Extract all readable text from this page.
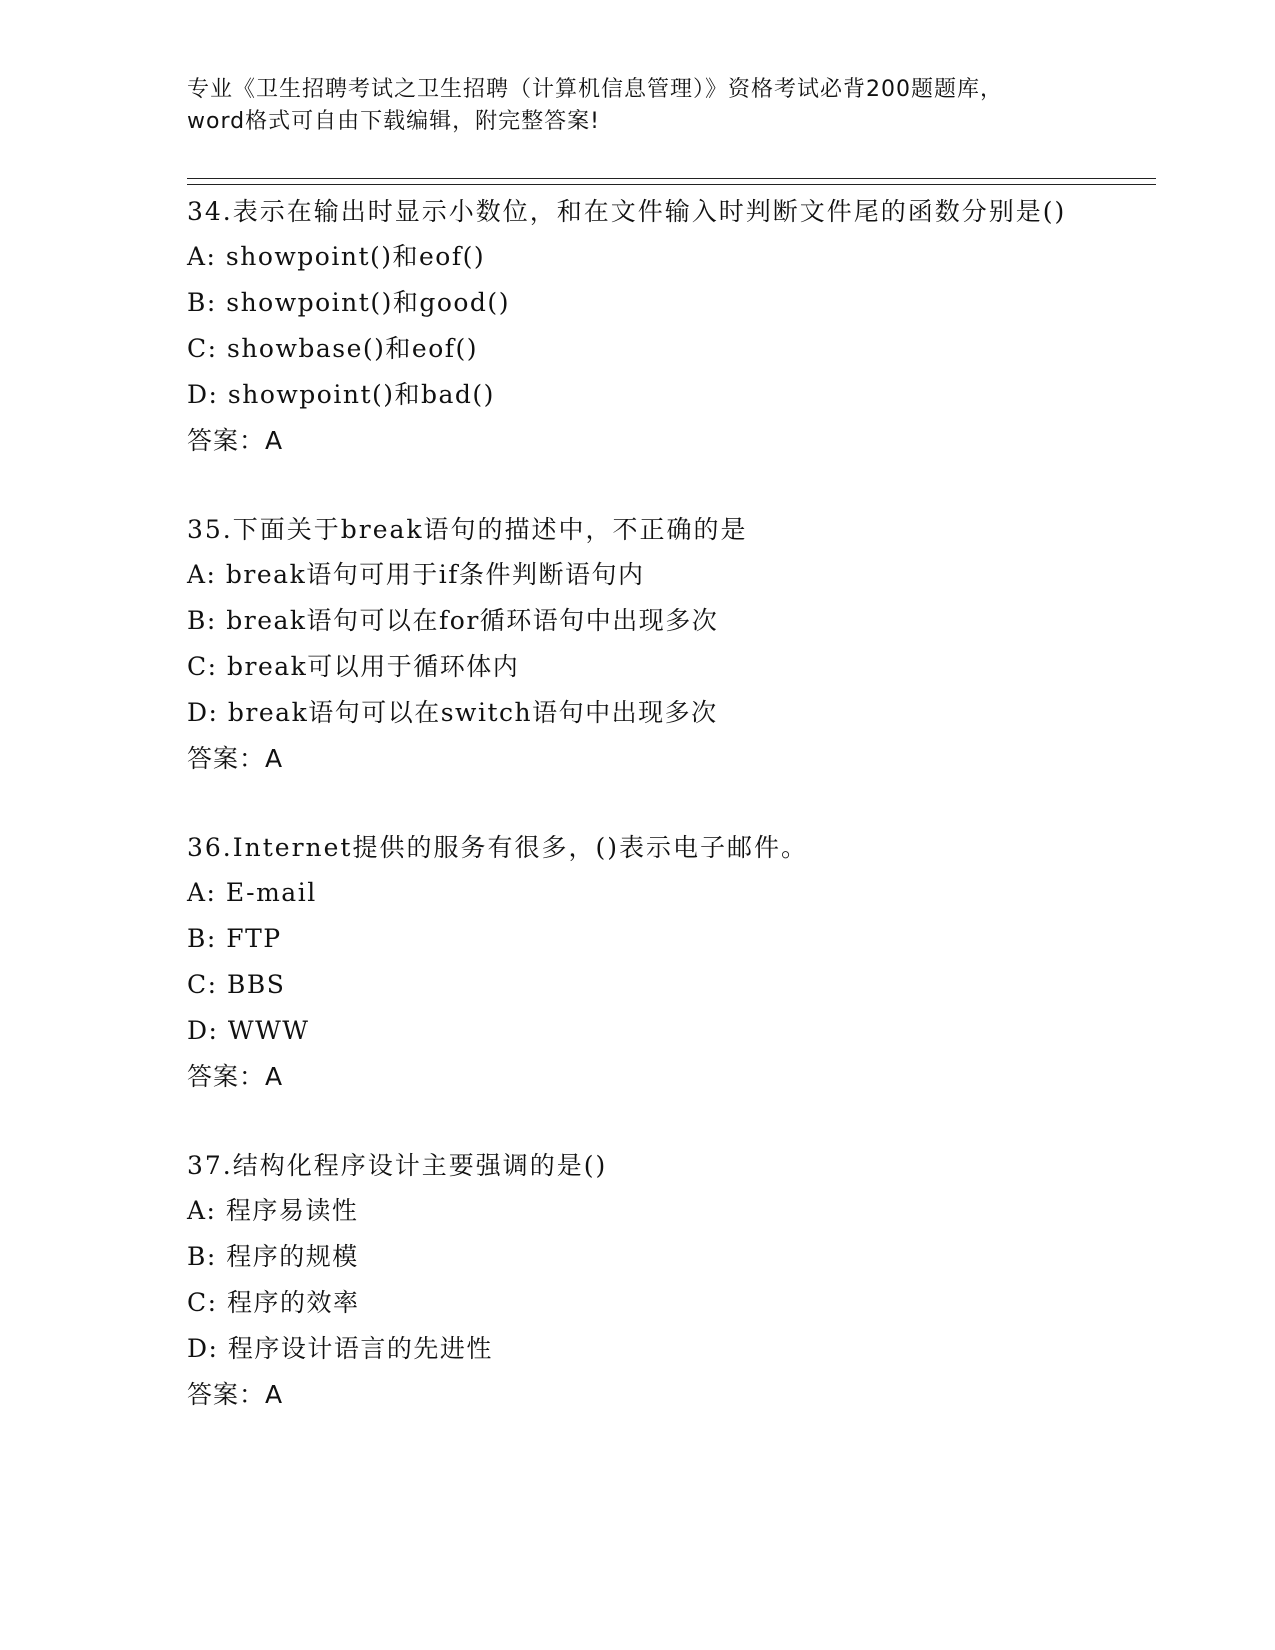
专业《卫生招聘考试之卫生招聘（计算机信息管理）》资格考试必背200题题库，
word格式可自由下载编辑，附完整答案!

34.表示在输出时显示小数位，和在文件输入时判断文件尾的函数分别是()

A: showpoint()和eof()

B: showpoint()和good()

C: showbase()和eof()

D: showpoint()和bad()

答案：A

35.下面关于break语句的描述中，不正确的是

A: break语句可用于if条件判断语句内

B: break语句可以在for循环语句中出现多次

C: break可以用于循环体内

D: break语句可以在switch语句中出现多次

答案：A

36.Internet提供的服务有很多，()表示电子邮件。

A: E-mail

B: FTP

C: BBS

D: WWW

答案：A

37.结构化程序设计主要强调的是()

A: 程序易读性

B: 程序的规模

C: 程序的效率

D: 程序设计语言的先进性

答案：A
